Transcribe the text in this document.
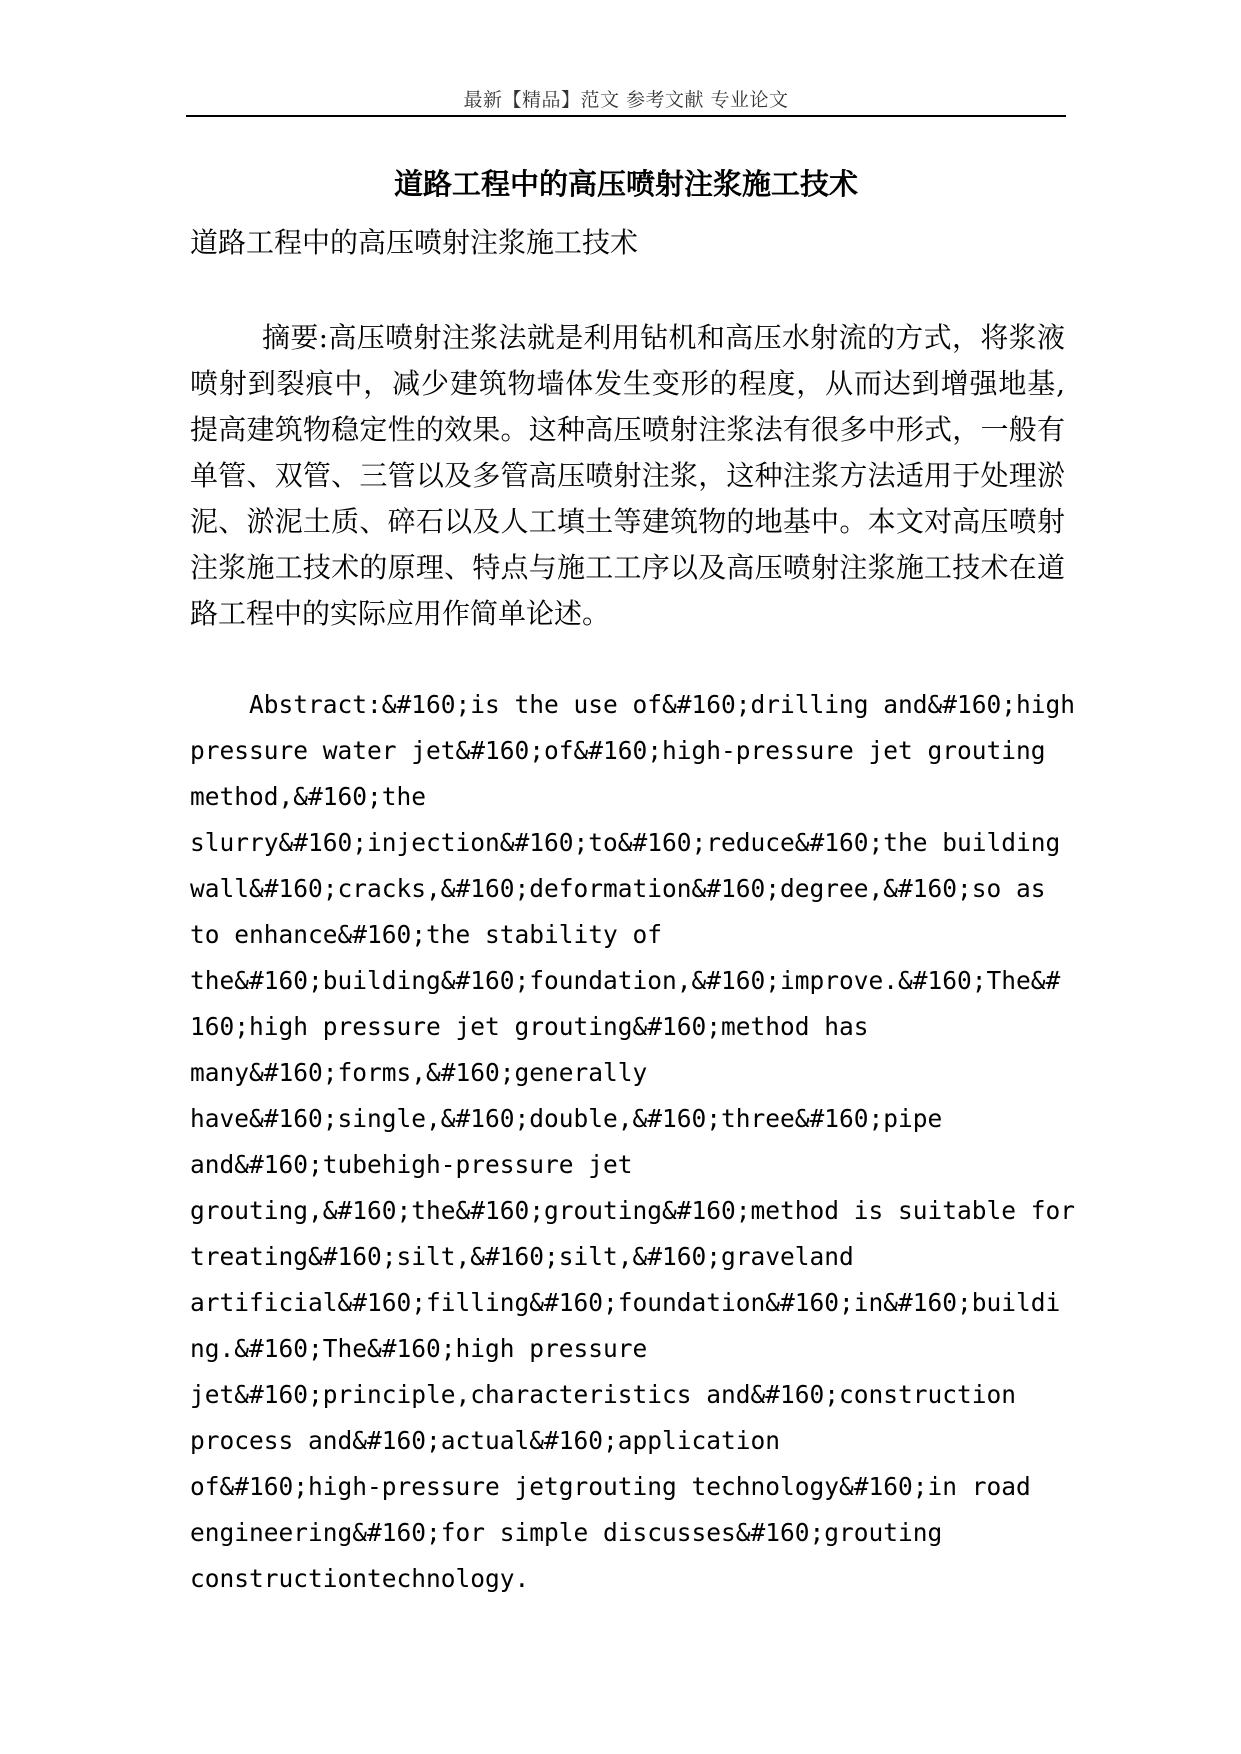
最新【精品】范文 参考文献 专业论文
道路工程中的高压喷射注浆施工技术
道路工程中的高压喷射注浆施工技术

摘要:高压喷射注浆法就是利用钻机和高压水射流的方式，将浆液喷射到裂痕中，减少建筑物墙体发生变形的程度，从而达到增强地基,提高建筑物稳定性的效果。这种高压喷射注浆法有很多中形式，一般有单管、双管、三管以及多管高压喷射注浆，这种注浆方法适用于处理淤泥、淤泥土质、碎石以及人工填土等建筑物的地基中。本文对高压喷射注浆施工技术的原理、特点与施工工序以及高压喷射注浆施工技术在道路工程中的实际应用作简单论述。

Abstract:&#160;is the use of&#160;drilling and&#160;high
pressure water jet&#160;of&#160;high-pressure jet grouting
method,&#160;the
slurry&#160;injection&#160;to&#160;reduce&#160;the building
wall&#160;cracks,&#160;deformation&#160;degree,&#160;so as
to enhance&#160;the stability of
the&#160;building&#160;foundation,&#160;improve.&#160;The&#
160;high pressure jet grouting&#160;method has
many&#160;forms,&#160;generally
have&#160;single,&#160;double,&#160;three&#160;pipe
and&#160;tubehigh-pressure jet
grouting,&#160;the&#160;grouting&#160;method is suitable for
treating&#160;silt,&#160;silt,&#160;graveland
artificial&#160;filling&#160;foundation&#160;in&#160;buildi
ng.&#160;The&#160;high pressure
jet&#160;principle,characteristics and&#160;construction
process and&#160;actual&#160;application
of&#160;high-pressure jetgrouting technology&#160;in road
engineering&#160;for simple discusses&#160;grouting
constructiontechnology.
